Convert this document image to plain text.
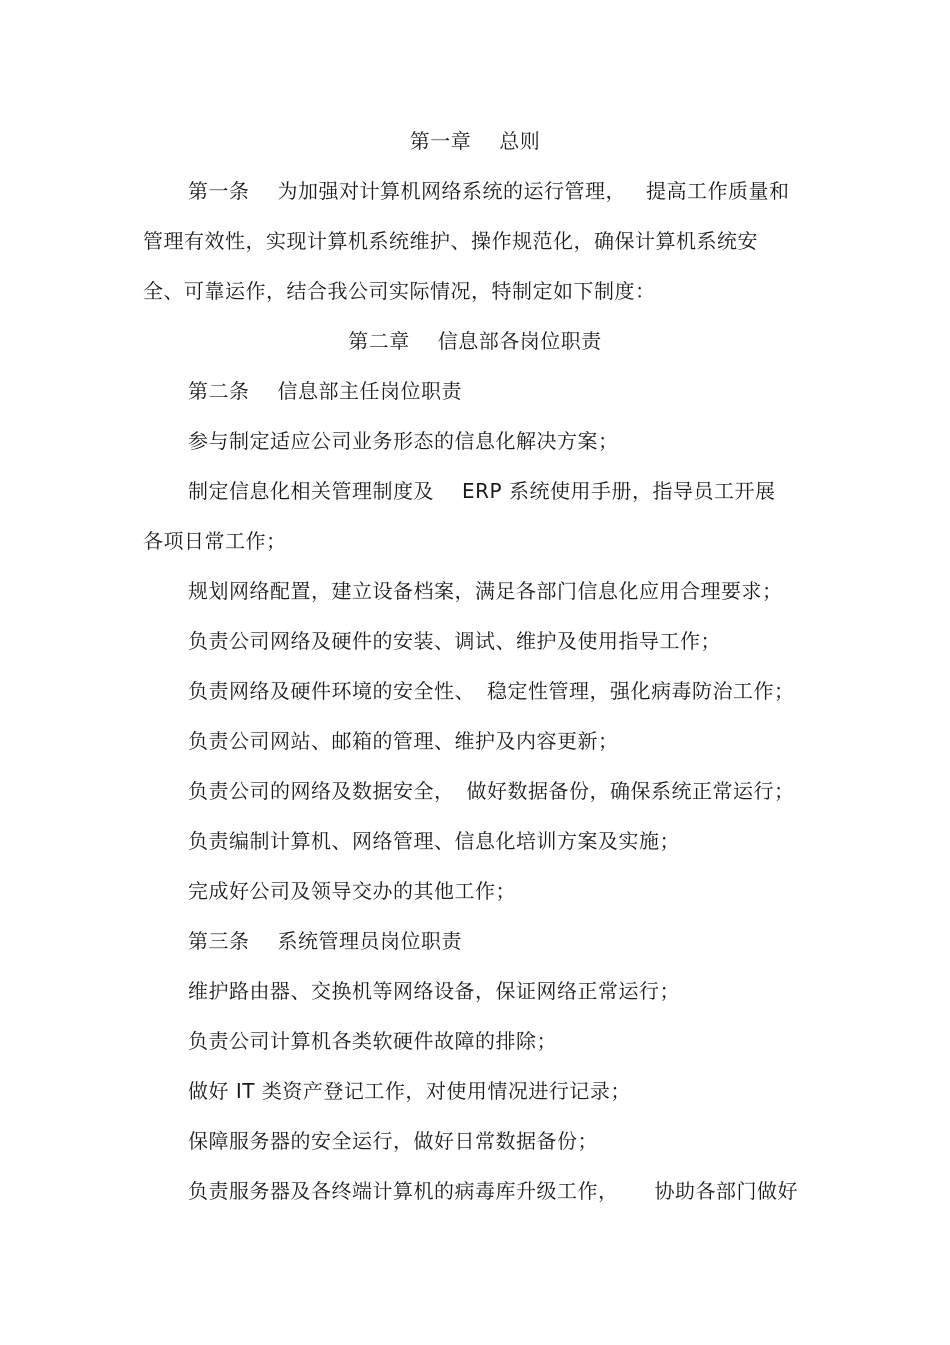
第一章 总则
第一条 为加强对计算机网络系统的运行管理， 提高工作质量和
管理有效性，实现计算机系统维护、操作规范化，确保计算机系统安
全、可靠运作，结合我公司实际情况，特制定如下制度：
第二章 信息部各岗位职责
第二条 信息部主任岗位职责
参与制定适应公司业务形态的信息化解决方案；
制定信息化相关管理制度及 ERP 系统使用手册，指导员工开展
各项日常工作；
规划网络配置，建立设备档案，满足各部门信息化应用合理要求；
负责公司网络及硬件的安装、调试、维护及使用指导工作；
负责网络及硬件环境的安全性、 稳定性管理，强化病毒防治工作；
负责公司网站、邮箱的管理、维护及内容更新；
负责公司的网络及数据安全， 做好数据备份，确保系统正常运行；
负责编制计算机、网络管理、信息化培训方案及实施；
完成好公司及领导交办的其他工作；
第三条 系统管理员岗位职责
维护路由器、交换机等网络设备，保证网络正常运行；
负责公司计算机各类软硬件故障的排除；
做好 IT 类资产登记工作，对使用情况进行记录；
保障服务器的安全运行，做好日常数据备份；
负责服务器及各终端计算机的病毒库升级工作， 协助各部门做好
